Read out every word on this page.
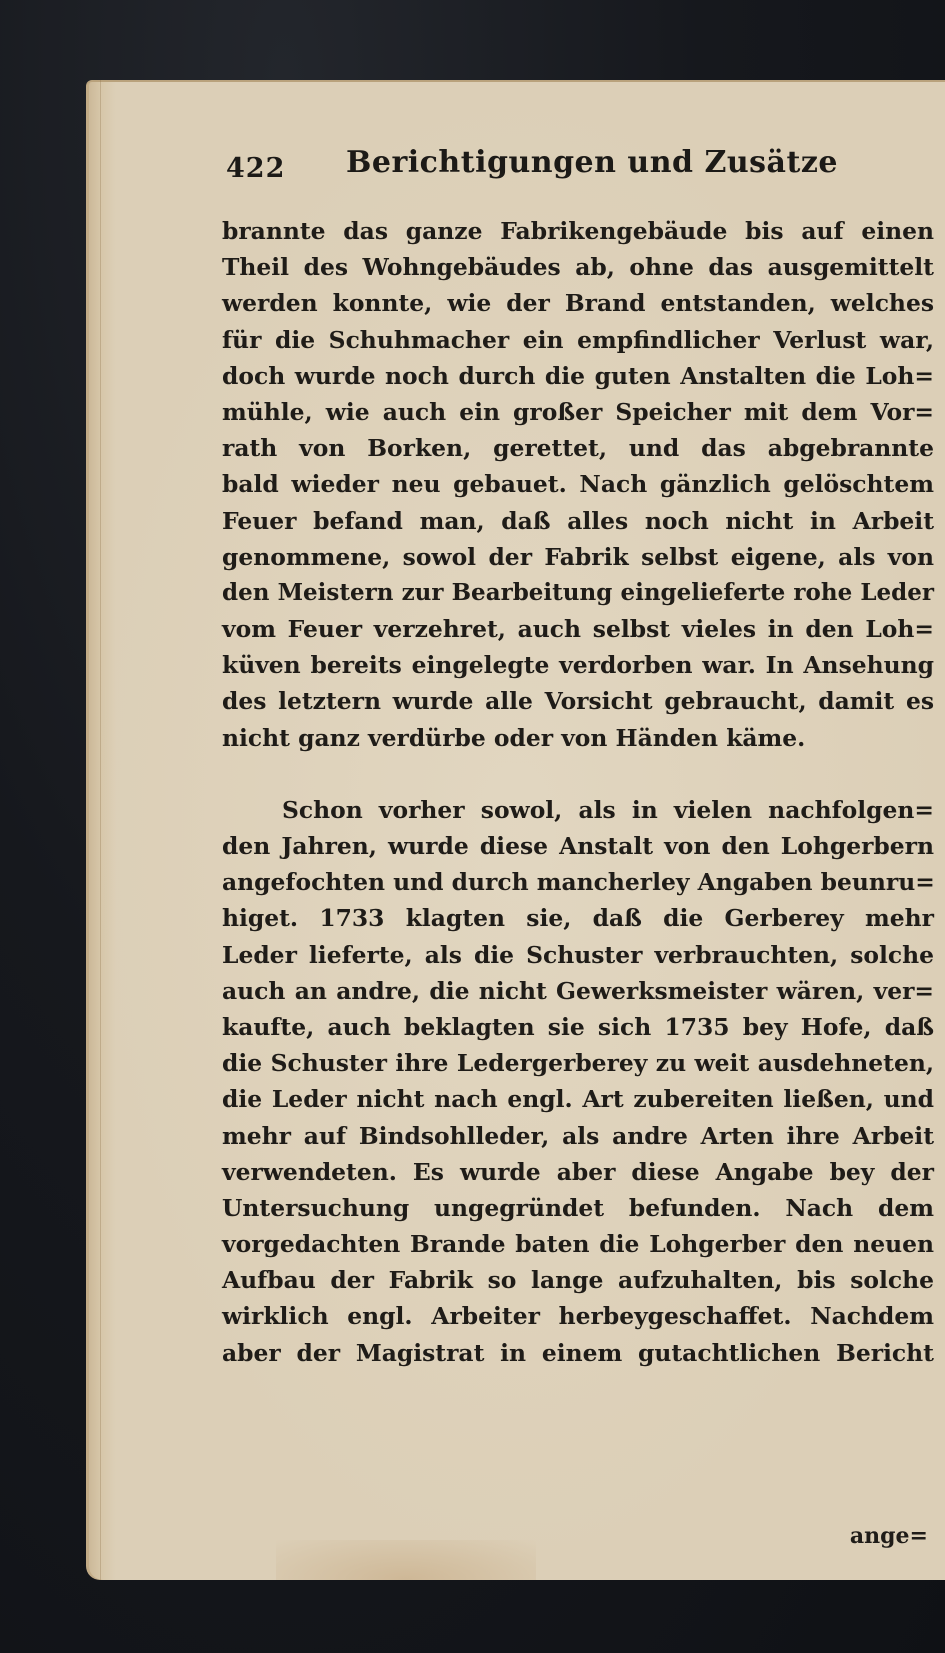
422 Berichtigungen und Zusätze
brannte das ganze Fabrikengebäude bis auf einen
Theil des Wohngebäudes ab, ohne das ausgemittelt
werden konnte, wie der Brand entstanden, welches
für die Schuhmacher ein empfindlicher Verlust war,
doch wurde noch durch die guten Anstalten die Loh=
mühle, wie auch ein großer Speicher mit dem Vor=
rath von Borken, gerettet, und das abgebrannte
bald wieder neu gebauet. Nach gänzlich gelöschtem
Feuer befand man, daß alles noch nicht in Arbeit
genommene, sowol der Fabrik selbst eigene, als von
den Meistern zur Bearbeitung eingelieferte rohe Leder
vom Feuer verzehret, auch selbst vieles in den Loh=
küven bereits eingelegte verdorben war. In Ansehung
des letztern wurde alle Vorsicht gebraucht, damit es
nicht ganz verdürbe oder von Händen käme.
Schon vorher sowol, als in vielen nachfolgen=
den Jahren, wurde diese Anstalt von den Lohgerbern
angefochten und durch mancherley Angaben beunru=
higet. 1733 klagten sie, daß die Gerberey mehr
Leder lieferte, als die Schuster verbrauchten, solche
auch an andre, die nicht Gewerksmeister wären, ver=
kaufte, auch beklagten sie sich 1735 bey Hofe, daß
die Schuster ihre Ledergerberey zu weit ausdehneten,
die Leder nicht nach engl. Art zubereiten ließen, und
mehr auf Bindsohlleder, als andre Arten ihre Arbeit
verwendeten. Es wurde aber diese Angabe bey der
Untersuchung ungegründet befunden. Nach dem
vorgedachten Brande baten die Lohgerber den neuen
Aufbau der Fabrik so lange aufzuhalten, bis solche
wirklich engl. Arbeiter herbeygeschaffet. Nachdem
aber der Magistrat in einem gutachtlichen Bericht
ange=
